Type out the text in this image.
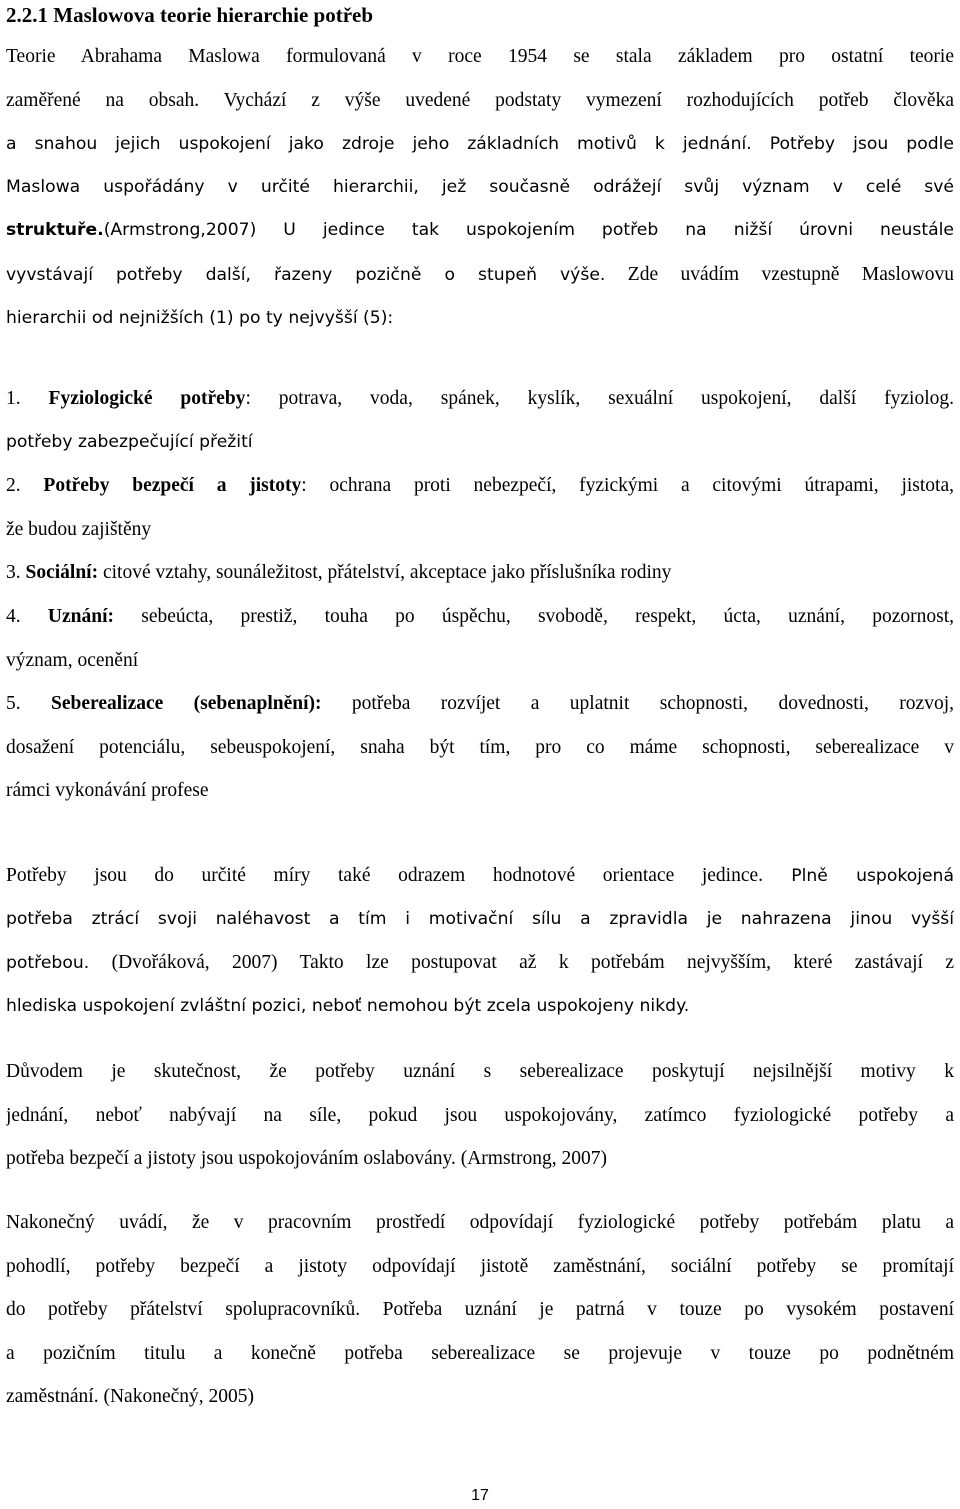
2.2.1 Maslowova teorie hierarchie potřeb
Teorie Abrahama Maslowa formulovaná v roce 1954 se stala základem pro ostatní teorie
zaměřené na obsah. Vychází z výše uvedené podstaty vymezení rozhodujících potřeb člověka
a snahou jejich uspokojení jako zdroje jeho základních motivů k jednání. Potřeby jsou podle
Maslowa uspořádány v určité hierarchii, jež současně odrážejí svůj význam v celé své
struktuře.(Armstrong,2007) U jedince tak uspokojením potřeb na nižší úrovni neustále
vyvstávají potřeby další, řazeny pozičně o stupeň výše. Zde uvádím vzestupně Maslowovu
hierarchii od nejnižších (1) po ty nejvyšší (5):
1. Fyziologické potřeby: potrava, voda, spánek, kyslík, sexuální uspokojení, další fyziolog.
potřeby zabezpečující přežití
2. Potřeby bezpečí a jistoty: ochrana proti nebezpečí, fyzickými a citovými útrapami, jistota,
že budou zajištěny
3. Sociální: citové vztahy, sounáležitost, přátelství, akceptace jako příslušníka rodiny
4. Uznání: sebeúcta, prestiž, touha po úspěchu, svobodě, respekt, úcta, uznání, pozornost,
význam, ocenění
5. Seberealizace (sebenaplnění): potřeba rozvíjet a uplatnit schopnosti, dovednosti, rozvoj,
dosažení potenciálu, sebeuspokojení, snaha být tím, pro co máme schopnosti, seberealizace v
rámci vykonávání profese
Potřeby jsou do určité míry také odrazem hodnotové orientace jedince. Plně uspokojená
potřeba ztrácí svoji naléhavost a tím i motivační sílu a zpravidla je nahrazena jinou vyšší
potřebou. (Dvořáková, 2007) Takto lze postupovat až k potřebám nejvyšším, které zastávají z
hlediska uspokojení zvláštní pozici, neboť nemohou být zcela uspokojeny nikdy.
Důvodem je skutečnost, že potřeby uznání s seberealizace poskytují nejsilnější motivy k
jednání, neboť nabývají na síle, pokud jsou uspokojovány, zatímco fyziologické potřeby a
potřeba bezpečí a jistoty jsou uspokojováním oslabovány. (Armstrong, 2007)
Nakonečný uvádí, že v pracovním prostředí odpovídají fyziologické potřeby potřebám platu a
pohodlí, potřeby bezpečí a jistoty odpovídají jistotě zaměstnání, sociální potřeby se promítají
do potřeby přátelství spolupracovníků. Potřeba uznání je patrná v touze po vysokém postavení
a pozičním titulu a konečně potřeba seberealizace se projevuje v touze po podnětném
zaměstnání. (Nakonečný, 2005)
17
